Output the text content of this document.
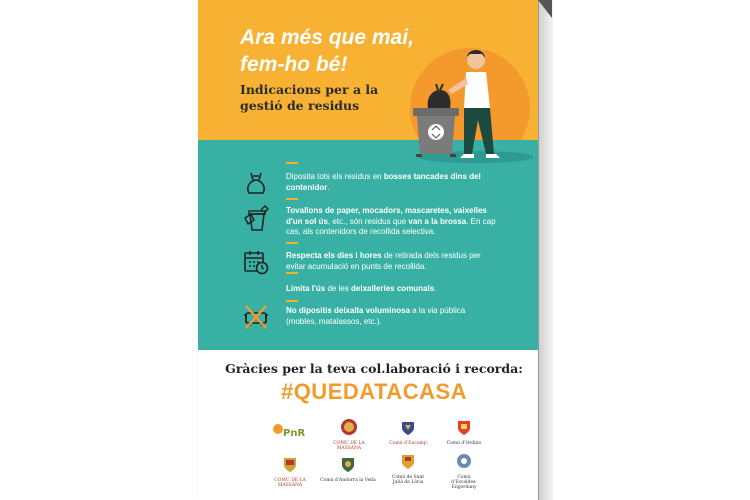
Ara més que mai, fem-ho bé!
Indicacions per a la gestió de residus
Diposita tots els residus en bosses tancades dins del contenidor.
Tovallons de paper, mocadors, mascaretes, vaixelles d'un sol ús, etc., són residus que van a la brossa. En cap cas, als contenidors de recollida selectiva.
Respecta els dies i hores de retirada dels residus per evitar acumulació en punts de recollida.
Limita l'ús de les deixalleries comunals.
No dipositis deixalla voluminosa a la via pública (mobles, matalassos, etc.).
Gràcies per la teva col.laboració i recorda:
#QUEDATACASA
PnR
COMÚ DE LA MASSANA
Comú d'Encamp	Comú d'Ordino
COMÚ DE LA MASSANA
Comú d'Andorra la Vella
Comú de Sant Julià de Lòria
Comú d'Escaldes-Engordany
